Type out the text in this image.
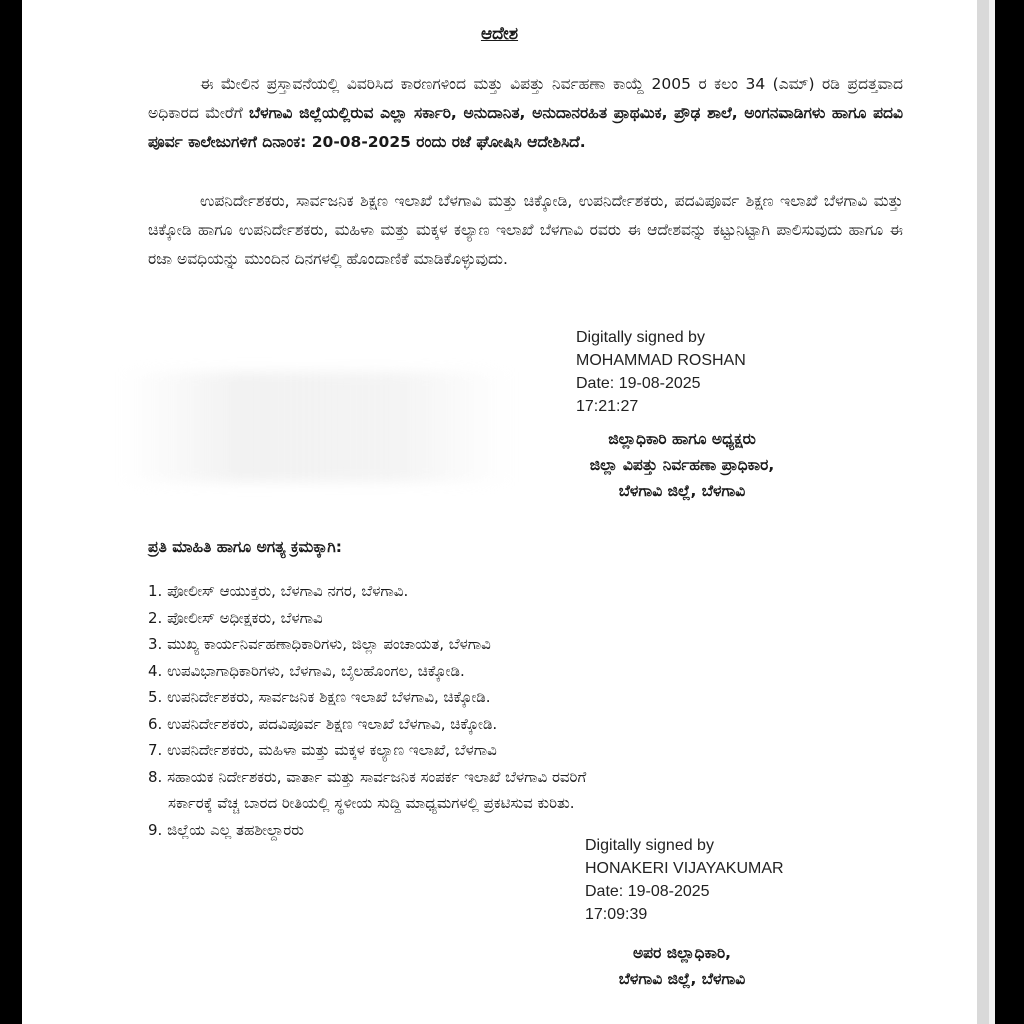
ಆದೇಶ

ಈ ಮೇಲಿನ ಪ್ರಸ್ತಾವನೆಯಲ್ಲಿ ವಿವರಿಸಿದ ಕಾರಣಗಳಿಂದ ಮತ್ತು ವಿಪತ್ತು ನಿರ್ವಹಣಾ ಕಾಯ್ದೆ 2005 ರ ಕಲಂ 34 (ಎಮ್) ರಡಿ ಪ್ರದತ್ತವಾದ ಅಧಿಕಾರದ ಮೇರೆಗೆ ಬೆಳಗಾವಿ ಜಿಲ್ಲೆಯಲ್ಲಿರುವ ಎಲ್ಲಾ ಸರ್ಕಾರಿ, ಅನುದಾನಿತ, ಅನುದಾನರಹಿತ ಪ್ರಾಥಮಿಕ, ಪ್ರೌಢ ಶಾಲೆ, ಅಂಗನವಾಡಿಗಳು ಹಾಗೂ ಪದವಿ ಪೂರ್ವ ಕಾಲೇಜುಗಳಿಗೆ ದಿನಾಂಕ: 20-08-2025 ರಂದು ರಜೆ ಘೋಷಿಸಿ ಆದೇಶಿಸಿದೆ.

ಉಪನಿರ್ದೇಶಕರು, ಸಾರ್ವಜನಿಕ ಶಿಕ್ಷಣ ಇಲಾಖೆ ಬೆಳಗಾವಿ ಮತ್ತು ಚಿಕ್ಕೋಡಿ, ಉಪನಿರ್ದೇಶಕರು, ಪದವಿಪೂರ್ವ ಶಿಕ್ಷಣ ಇಲಾಖೆ ಬೆಳಗಾವಿ ಮತ್ತು ಚಿಕ್ಕೋಡಿ ಹಾಗೂ ಉಪನಿರ್ದೇಶಕರು, ಮಹಿಳಾ ಮತ್ತು ಮಕ್ಕಳ ಕಲ್ಯಾಣ ಇಲಾಖೆ ಬೆಳಗಾವಿ ರವರು ಈ ಆದೇಶವನ್ನು ಕಟ್ಟುನಿಟ್ಟಾಗಿ ಪಾಲಿಸುವುದು ಹಾಗೂ ಈ ರಜಾ ಅವಧಿಯನ್ನು ಮುಂದಿನ ದಿನಗಳಲ್ಲಿ ಹೊಂದಾಣಿಕೆ ಮಾಡಿಕೊಳ್ಳುವುದು.

Digitally signed by
MOHAMMAD ROSHAN
Date: 19-08-2025
17:21:27
ಜಿಲ್ಲಾಧಿಕಾರಿ ಹಾಗೂ ಅಧ್ಯಕ್ಷರು
ಜಿಲ್ಲಾ ವಿಪತ್ತು ನಿರ್ವಹಣಾ ಪ್ರಾಧಿಕಾರ,
ಬೆಳಗಾವಿ ಜಿಲ್ಲೆ, ಬೆಳಗಾವಿ
ಪ್ರತಿ ಮಾಹಿತಿ ಹಾಗೂ ಅಗತ್ಯ ಕ್ರಮಕ್ಕಾಗಿ:
1. ಪೋಲೀಸ್ ಆಯುಕ್ತರು, ಬೆಳಗಾವಿ ನಗರ, ಬೆಳಗಾವಿ.
2. ಪೋಲೀಸ್ ಅಧೀಕ್ಷಕರು, ಬೆಳಗಾವಿ
3. ಮುಖ್ಯ ಕಾರ್ಯನಿರ್ವಹಣಾಧಿಕಾರಿಗಳು, ಜಿಲ್ಲಾ ಪಂಚಾಯತ, ಬೆಳಗಾವಿ
4. ಉಪವಿಭಾಗಾಧಿಕಾರಿಗಳು, ಬೆಳಗಾವಿ, ಬೈಲಹೊಂಗಲ, ಚಿಕ್ಕೋಡಿ.
5. ಉಪನಿರ್ದೇಶಕರು, ಸಾರ್ವಜನಿಕ ಶಿಕ್ಷಣ ಇಲಾಖೆ ಬೆಳಗಾವಿ, ಚಿಕ್ಕೋಡಿ.
6. ಉಪನಿರ್ದೇಶಕರು, ಪದವಿಪೂರ್ವ ಶಿಕ್ಷಣ ಇಲಾಖೆ ಬೆಳಗಾವಿ, ಚಿಕ್ಕೋಡಿ.
7. ಉಪನಿರ್ದೇಶಕರು, ಮಹಿಳಾ ಮತ್ತು ಮಕ್ಕಳ ಕಲ್ಯಾಣ ಇಲಾಖೆ, ಬೆಳಗಾವಿ
8. ಸಹಾಯಕ ನಿರ್ದೇಶಕರು, ವಾರ್ತಾ ಮತ್ತು ಸಾರ್ವಜನಿಕ ಸಂಪರ್ಕ ಇಲಾಖೆ ಬೆಳಗಾವಿ ರವರಿಗೆ
ಸರ್ಕಾರಕ್ಕೆ ವೆಚ್ಚ ಬಾರದ ರೀತಿಯಲ್ಲಿ ಸ್ಥಳೀಯ ಸುದ್ದಿ ಮಾಧ್ಯಮಗಳಲ್ಲಿ ಪ್ರಕಟಿಸುವ ಕುರಿತು.
9. ಜಿಲ್ಲೆಯ ಎಲ್ಲ ತಹಶೀಲ್ದಾರರು
Digitally signed by
HONAKERI VIJAYAKUMAR
Date: 19-08-2025
17:09:39
ಅಪರ ಜಿಲ್ಲಾಧಿಕಾರಿ,
ಬೆಳಗಾವಿ ಜಿಲ್ಲೆ, ಬೆಳಗಾವಿ
